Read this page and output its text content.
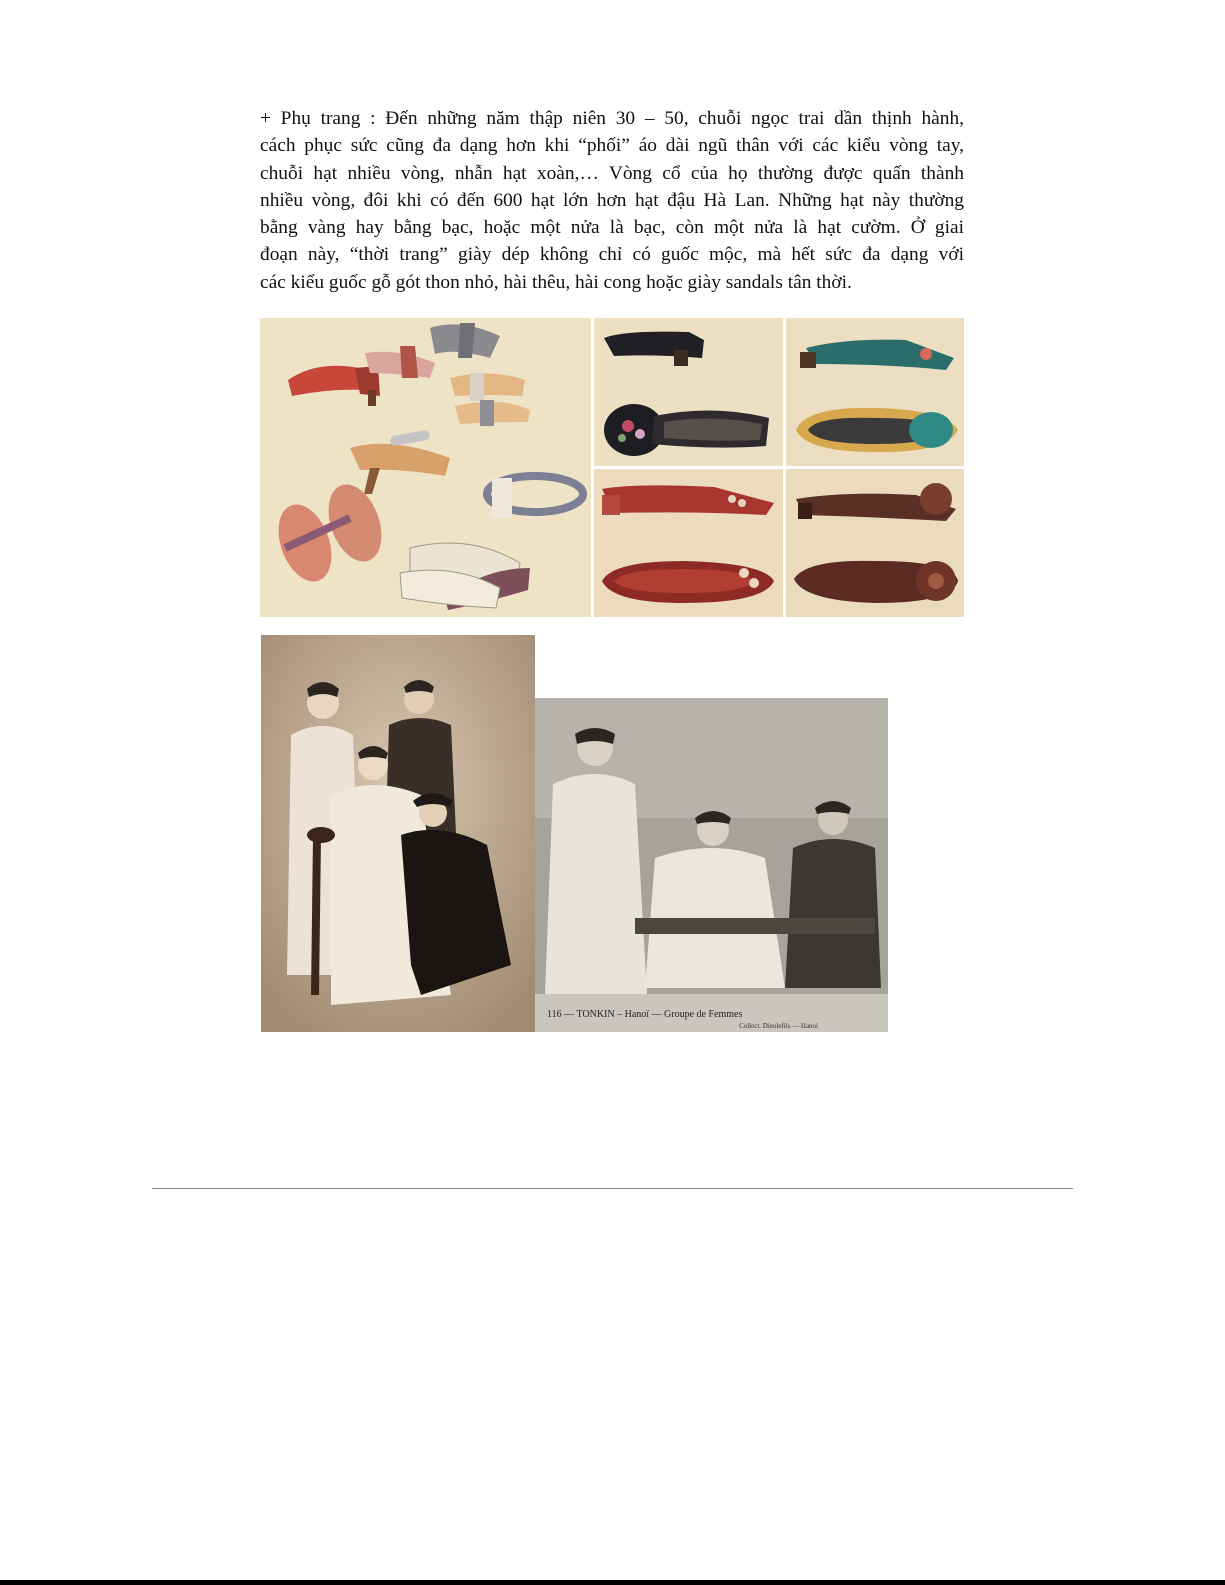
+ Phụ trang : Đến những năm thập niên 30 – 50, chuỗi ngọc trai dần thịnh hành,
cách phục sức cũng đa dạng hơn khi “phối” áo dài ngũ thân với các kiểu vòng tay,
chuỗi hạt nhiều vòng, nhẫn hạt xoàn,… Vòng cổ của họ thường được quấn thành
nhiều vòng, đôi khi có đến 600 hạt lớn hơn hạt đậu Hà Lan. Những hạt này thường
bằng vàng hay bằng bạc, hoặc một nửa là bạc, còn một nửa là hạt cườm. Ở giai
đoạn này, “thời trang” giày dép không chỉ có guốc mộc, mà hết sức đa dạng với
các kiểu guốc gỗ gót thon nhỏ, hài thêu, hài cong hoặc giày sandals tân thời.
116 — TONKIN – Hanoï — Groupe de Femmes
Collect. Dieulefils — Hanoi
